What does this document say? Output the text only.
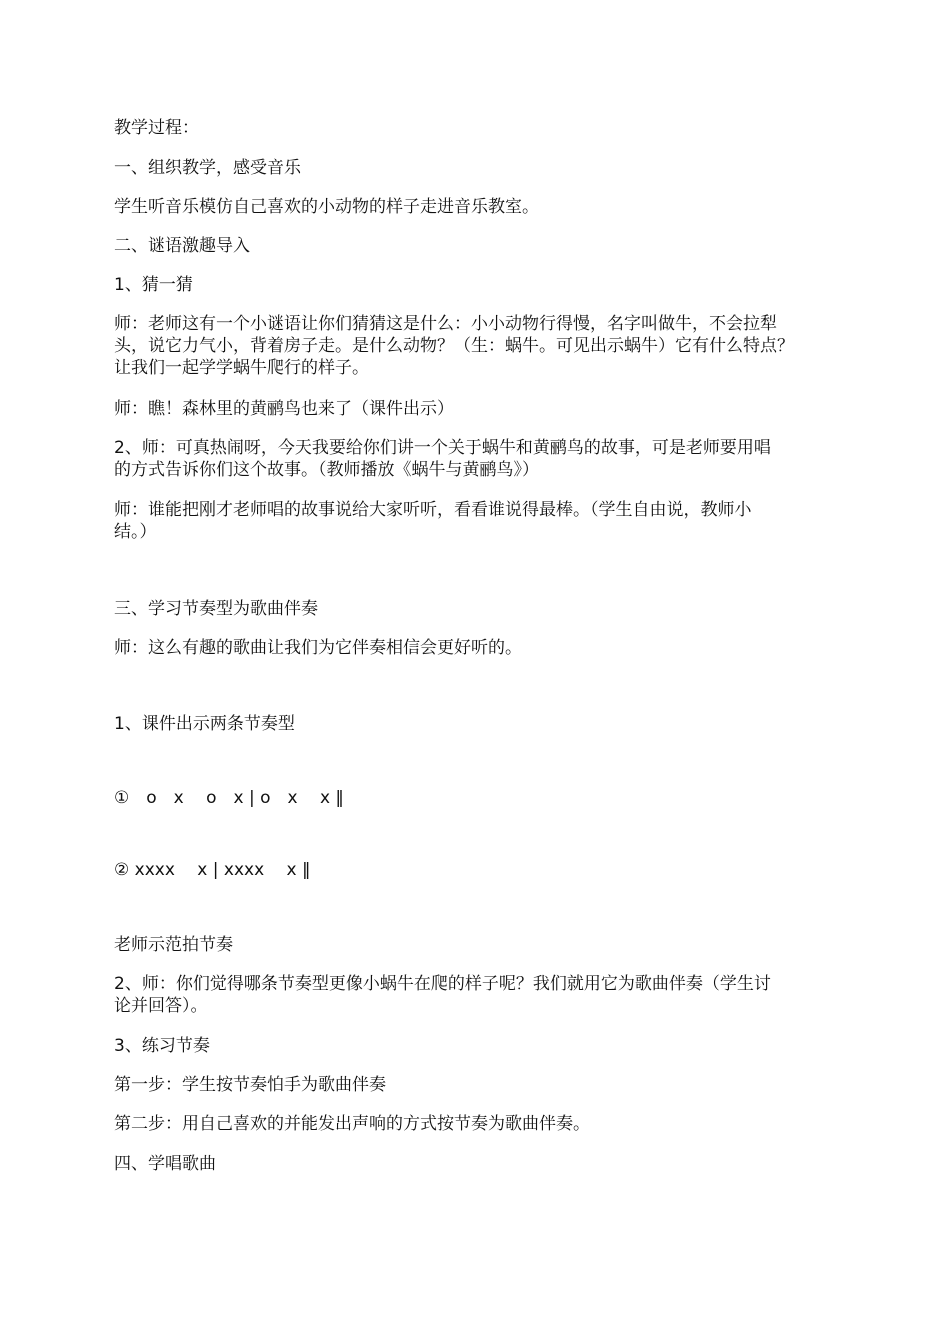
教学过程：

一、组织教学，感受音乐

学生听音乐模仿自己喜欢的小动物的样子走进音乐教室。

二、谜语激趣导入

1、猜一猜

师：老师这有一个小谜语让你们猜猜这是什么：小小动物行得慢，名字叫做牛，不会拉犁
头，说它力气小，背着房子走。是什么动物？（生：蜗牛。可见出示蜗牛）它有什么特点？
让我们一起学学蜗牛爬行的样子。

师：瞧！森林里的黄鹂鸟也来了（课件出示）

2、师：可真热闹呀，今天我要给你们讲一个关于蜗牛和黄鹂鸟的故事，可是老师要用唱
的方式告诉你们这个故事。（教师播放《蜗牛与黄鹂鸟》）
师：谁能把刚才老师唱的故事说给大家听听，看看谁说得最棒。（学生自由说，教师小
结。）

三、学习节奏型为歌曲伴奏

师：这么有趣的歌曲让我们为它伴奏相信会更好听的。

1、课件出示两条节奏型

①　o　x　 o　x | o　x　 x ‖

② xxxx　 x | xxxx　 x ‖

老师示范拍节奏

2、师：你们觉得哪条节奏型更像小蜗牛在爬的样子呢？我们就用它为歌曲伴奏（学生讨
论并回答）。

3、练习节奏

第一步：学生按节奏怕手为歌曲伴奏

第二步：用自己喜欢的并能发出声响的方式按节奏为歌曲伴奏。

四、学唱歌曲
